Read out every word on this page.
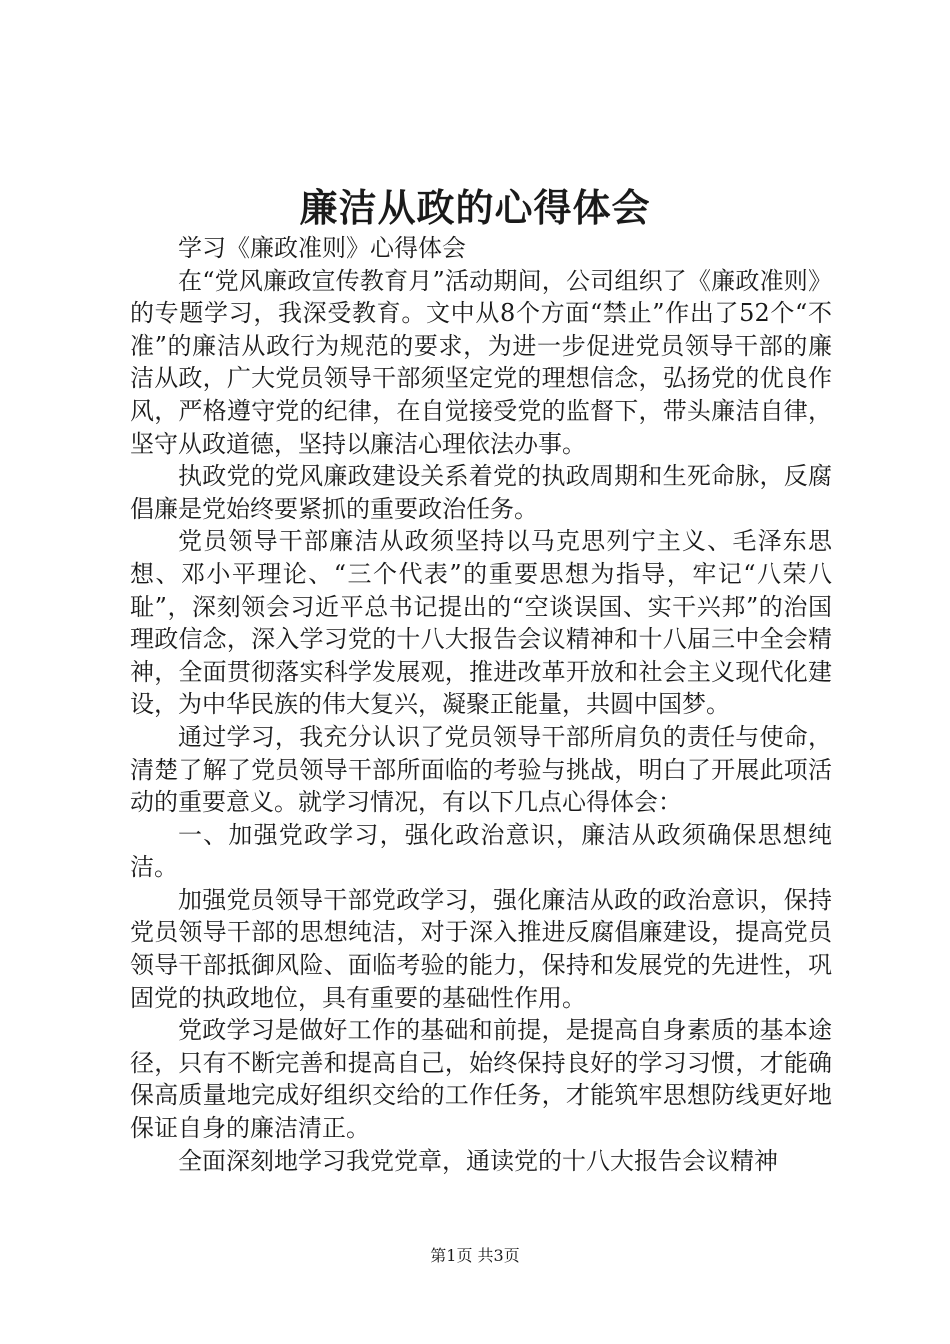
廉洁从政的心得体会

学习《廉政准则》心得体会

在“党风廉政宣传教育月”活动期间，公司组织了《廉政准则》的专题学习，我深受教育。文中从8个方面“禁止”作出了52个“不准”的廉洁从政行为规范的要求，为进一步促进党员领导干部的廉洁从政，广大党员领导干部须坚定党的理想信念，弘扬党的优良作风，严格遵守党的纪律，在自觉接受党的监督下，带头廉洁自律，坚守从政道德，坚持以廉洁心理依法办事。

执政党的党风廉政建设关系着党的执政周期和生死命脉，反腐倡廉是党始终要紧抓的重要政治任务。

党员领导干部廉洁从政须坚持以马克思列宁主义、毛泽东思想、邓小平理论、“三个代表”的重要思想为指导，牢记“八荣八耻”，深刻领会习近平总书记提出的“空谈误国、实干兴邦”的治国理政信念，深入学习党的十八大报告会议精神和十八届三中全会精神，全面贯彻落实科学发展观，推进改革开放和社会主义现代化建设，为中华民族的伟大复兴，凝聚正能量，共圆中国梦。

通过学习，我充分认识了党员领导干部所肩负的责任与使命，清楚了解了党员领导干部所面临的考验与挑战，明白了开展此项活动的重要意义。就学习情况，有以下几点心得体会：

一、加强党政学习，强化政治意识，廉洁从政须确保思想纯洁。

加强党员领导干部党政学习，强化廉洁从政的政治意识，保持党员领导干部的思想纯洁，对于深入推进反腐倡廉建设，提高党员领导干部抵御风险、面临考验的能力，保持和发展党的先进性，巩固党的执政地位，具有重要的基础性作用。

党政学习是做好工作的基础和前提，是提高自身素质的基本途径，只有不断完善和提高自己，始终保持良好的学习习惯，才能确保高质量地完成好组织交给的工作任务，才能筑牢思想防线更好地保证自身的廉洁清正。

全面深刻地学习我党党章，通读党的十八大报告会议精神

第1页 共3页
